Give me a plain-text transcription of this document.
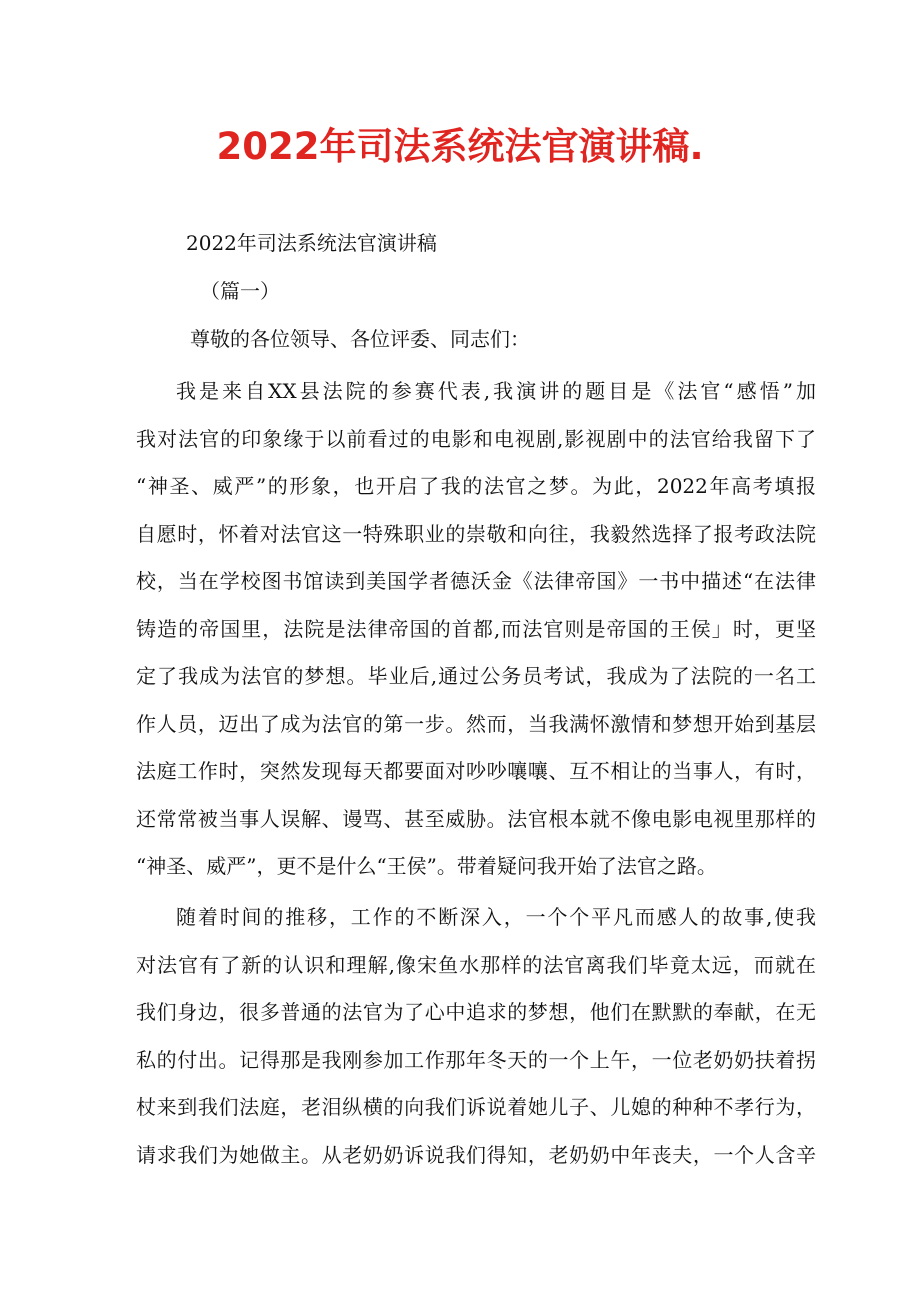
2022年司法系统法官演讲稿.

2022年司法系统法官演讲稿

（篇一）

尊敬的各位领导、各位评委、同志们：

我是来自XX县法院的参赛代表,我演讲的题目是《法官“感悟”加
我对法官的印象缘于以前看过的电影和电视剧,影视剧中的法官给我留下了
“神圣、威严”的形象，也开启了我的法官之梦。为此，2022年高考填报
自愿时，怀着对法官这一特殊职业的崇敬和向往，我毅然选择了报考政法院
校，当在学校图书馆读到美国学者德沃金《法律帝国》一书中描述“在法律
铸造的帝国里，法院是法律帝国的首都,而法官则是帝国的王侯」时，更坚
定了我成为法官的梦想。毕业后,通过公务员考试，我成为了法院的一名工
作人员，迈出了成为法官的第一步。然而，当我满怀激情和梦想开始到基层
法庭工作时，突然发现每天都要面对吵吵嚷嚷、互不相让的当事人，有时，
还常常被当事人误解、谩骂、甚至威胁。法官根本就不像电影电视里那样的
“神圣、威严”，更不是什么“王侯”。带着疑问我开始了法官之路。
随着时间的推移，工作的不断深入，一个个平凡而感人的故事,使我
对法官有了新的认识和理解,像宋鱼水那样的法官离我们毕竟太远，而就在
我们身边，很多普通的法官为了心中追求的梦想，他们在默默的奉献，在无
私的付出。记得那是我刚参加工作那年冬天的一个上午，一位老奶奶扶着拐
杖来到我们法庭，老泪纵横的向我们诉说着她儿子、儿媳的种种不孝行为，
请求我们为她做主。从老奶奶诉说我们得知，老奶奶中年丧夫，一个人含辛
